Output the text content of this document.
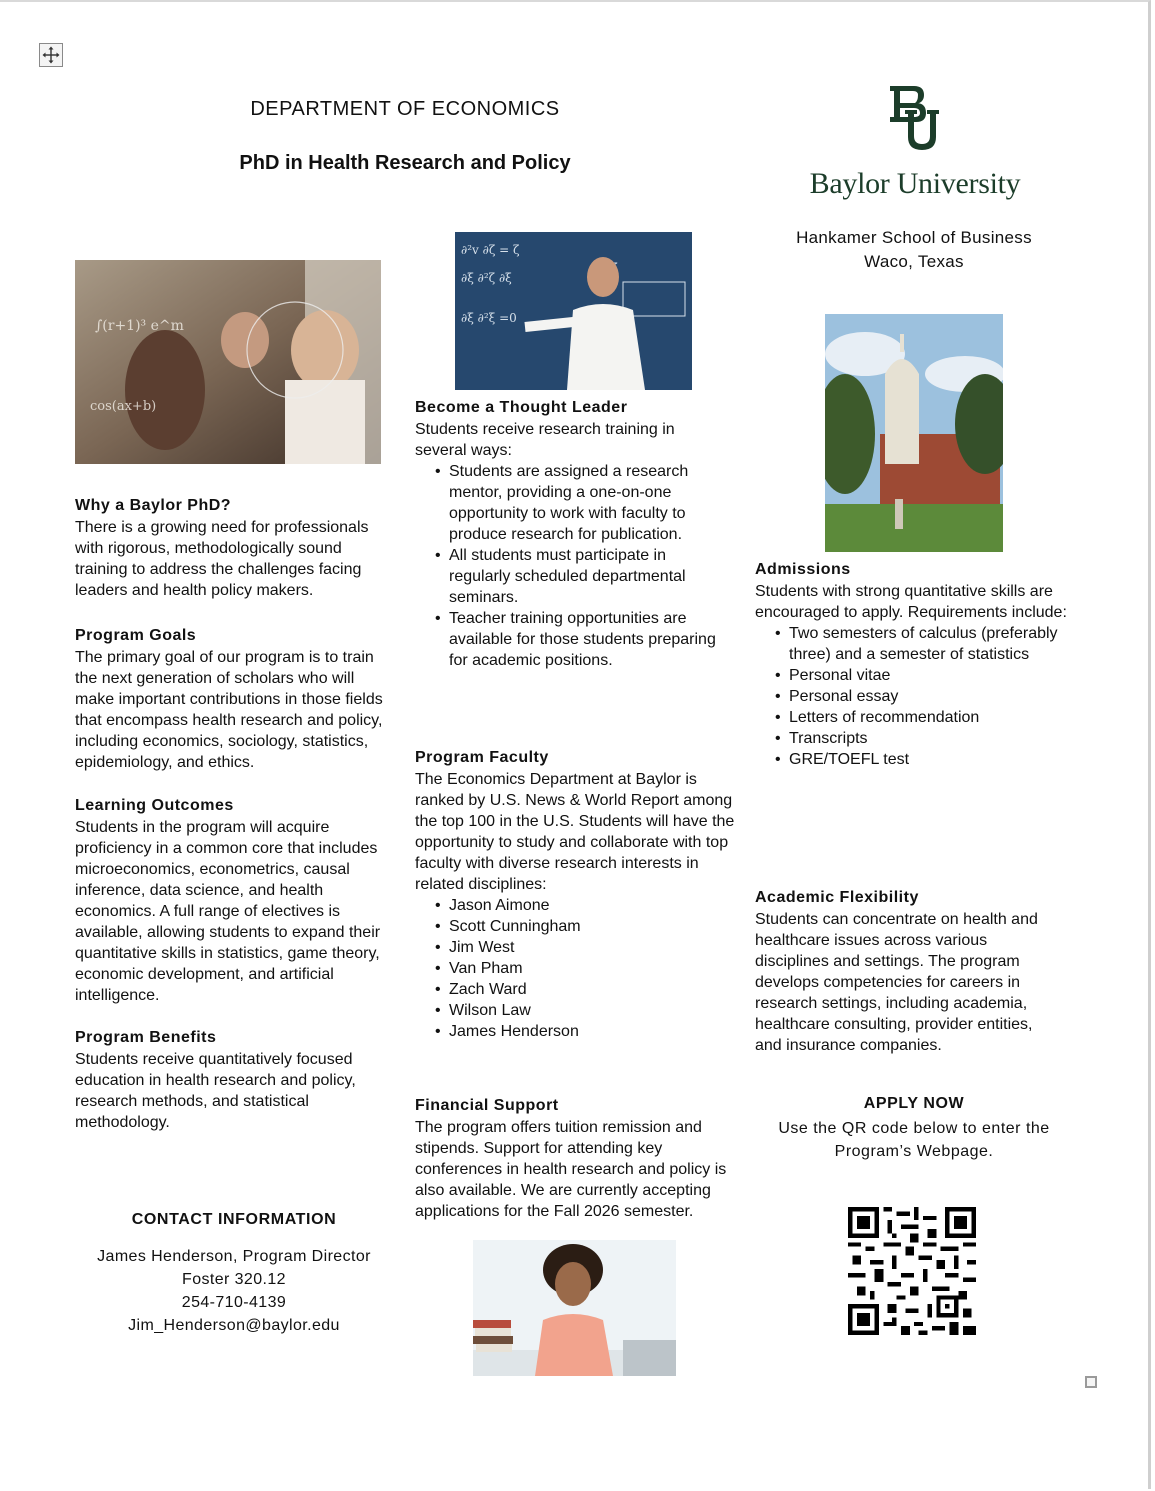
DEPARTMENT OF ECONOMICS
PhD in Health Research and Policy
Baylor University
Hankamer School of Business
Waco, Texas
∫(r+1)³ e^m
cos(ax+b)
∂²v ∂ζ = ζ
∂ξ ∂²ζ ∂ξ
∂ξ ∂²ξ =0
Why a Baylor PhD?
There is a growing need for professionals with rigorous, methodologically sound training to address the challenges facing leaders and health policy makers.
Program Goals
The primary goal of our program is to train the next generation of scholars who will make important contributions in those fields that encompass health research and policy, including economics, sociology, statistics, epidemiology, and ethics.
Learning Outcomes
Students in the program will acquire proficiency in a common core that includes microeconomics, econometrics, causal inference, data science, and health economics. A full range of electives is available, allowing students to expand their quantitative skills in statistics, game theory, economic development, and artificial intelligence.
Program Benefits
Students receive quantitatively focused education in health research and policy, research methods, and statistical methodology.
CONTACT INFORMATION
James Henderson, Program Director
Foster 320.12
254-710-4139
Jim_Henderson@baylor.edu
Become a Thought Leader
Students receive research training in several ways:
• Students are assigned a research mentor, providing a one-on-one opportunity to work with faculty to produce research for publication.
• All students must participate in regularly scheduled departmental seminars.
• Teacher training opportunities are available for those students preparing for academic positions.
Program Faculty
The Economics Department at Baylor is ranked by U.S. News & World Report among the top 100 in the U.S. Students will have the opportunity to study and collaborate with top faculty with diverse research interests in related disciplines:
• Jason Aimone
• Scott Cunningham
• Jim West
• Van Pham
• Zach Ward
• Wilson Law
• James Henderson
Financial Support
The program offers tuition remission and stipends. Support for attending key conferences in health research and policy is also available. We are currently accepting applications for the Fall 2026 semester.
Admissions
Students with strong quantitative skills are encouraged to apply. Requirements include:
• Two semesters of calculus (preferably three) and a semester of statistics
• Personal vitae
• Personal essay
• Letters of recommendation
• Transcripts
• GRE/TOEFL test
Academic Flexibility
Students can concentrate on health and healthcare issues across various disciplines and settings. The program develops competencies for careers in research settings, including academia, healthcare consulting, provider entities, and insurance companies.
APPLY NOW
Use the QR code below to enter the
Program’s Webpage.
